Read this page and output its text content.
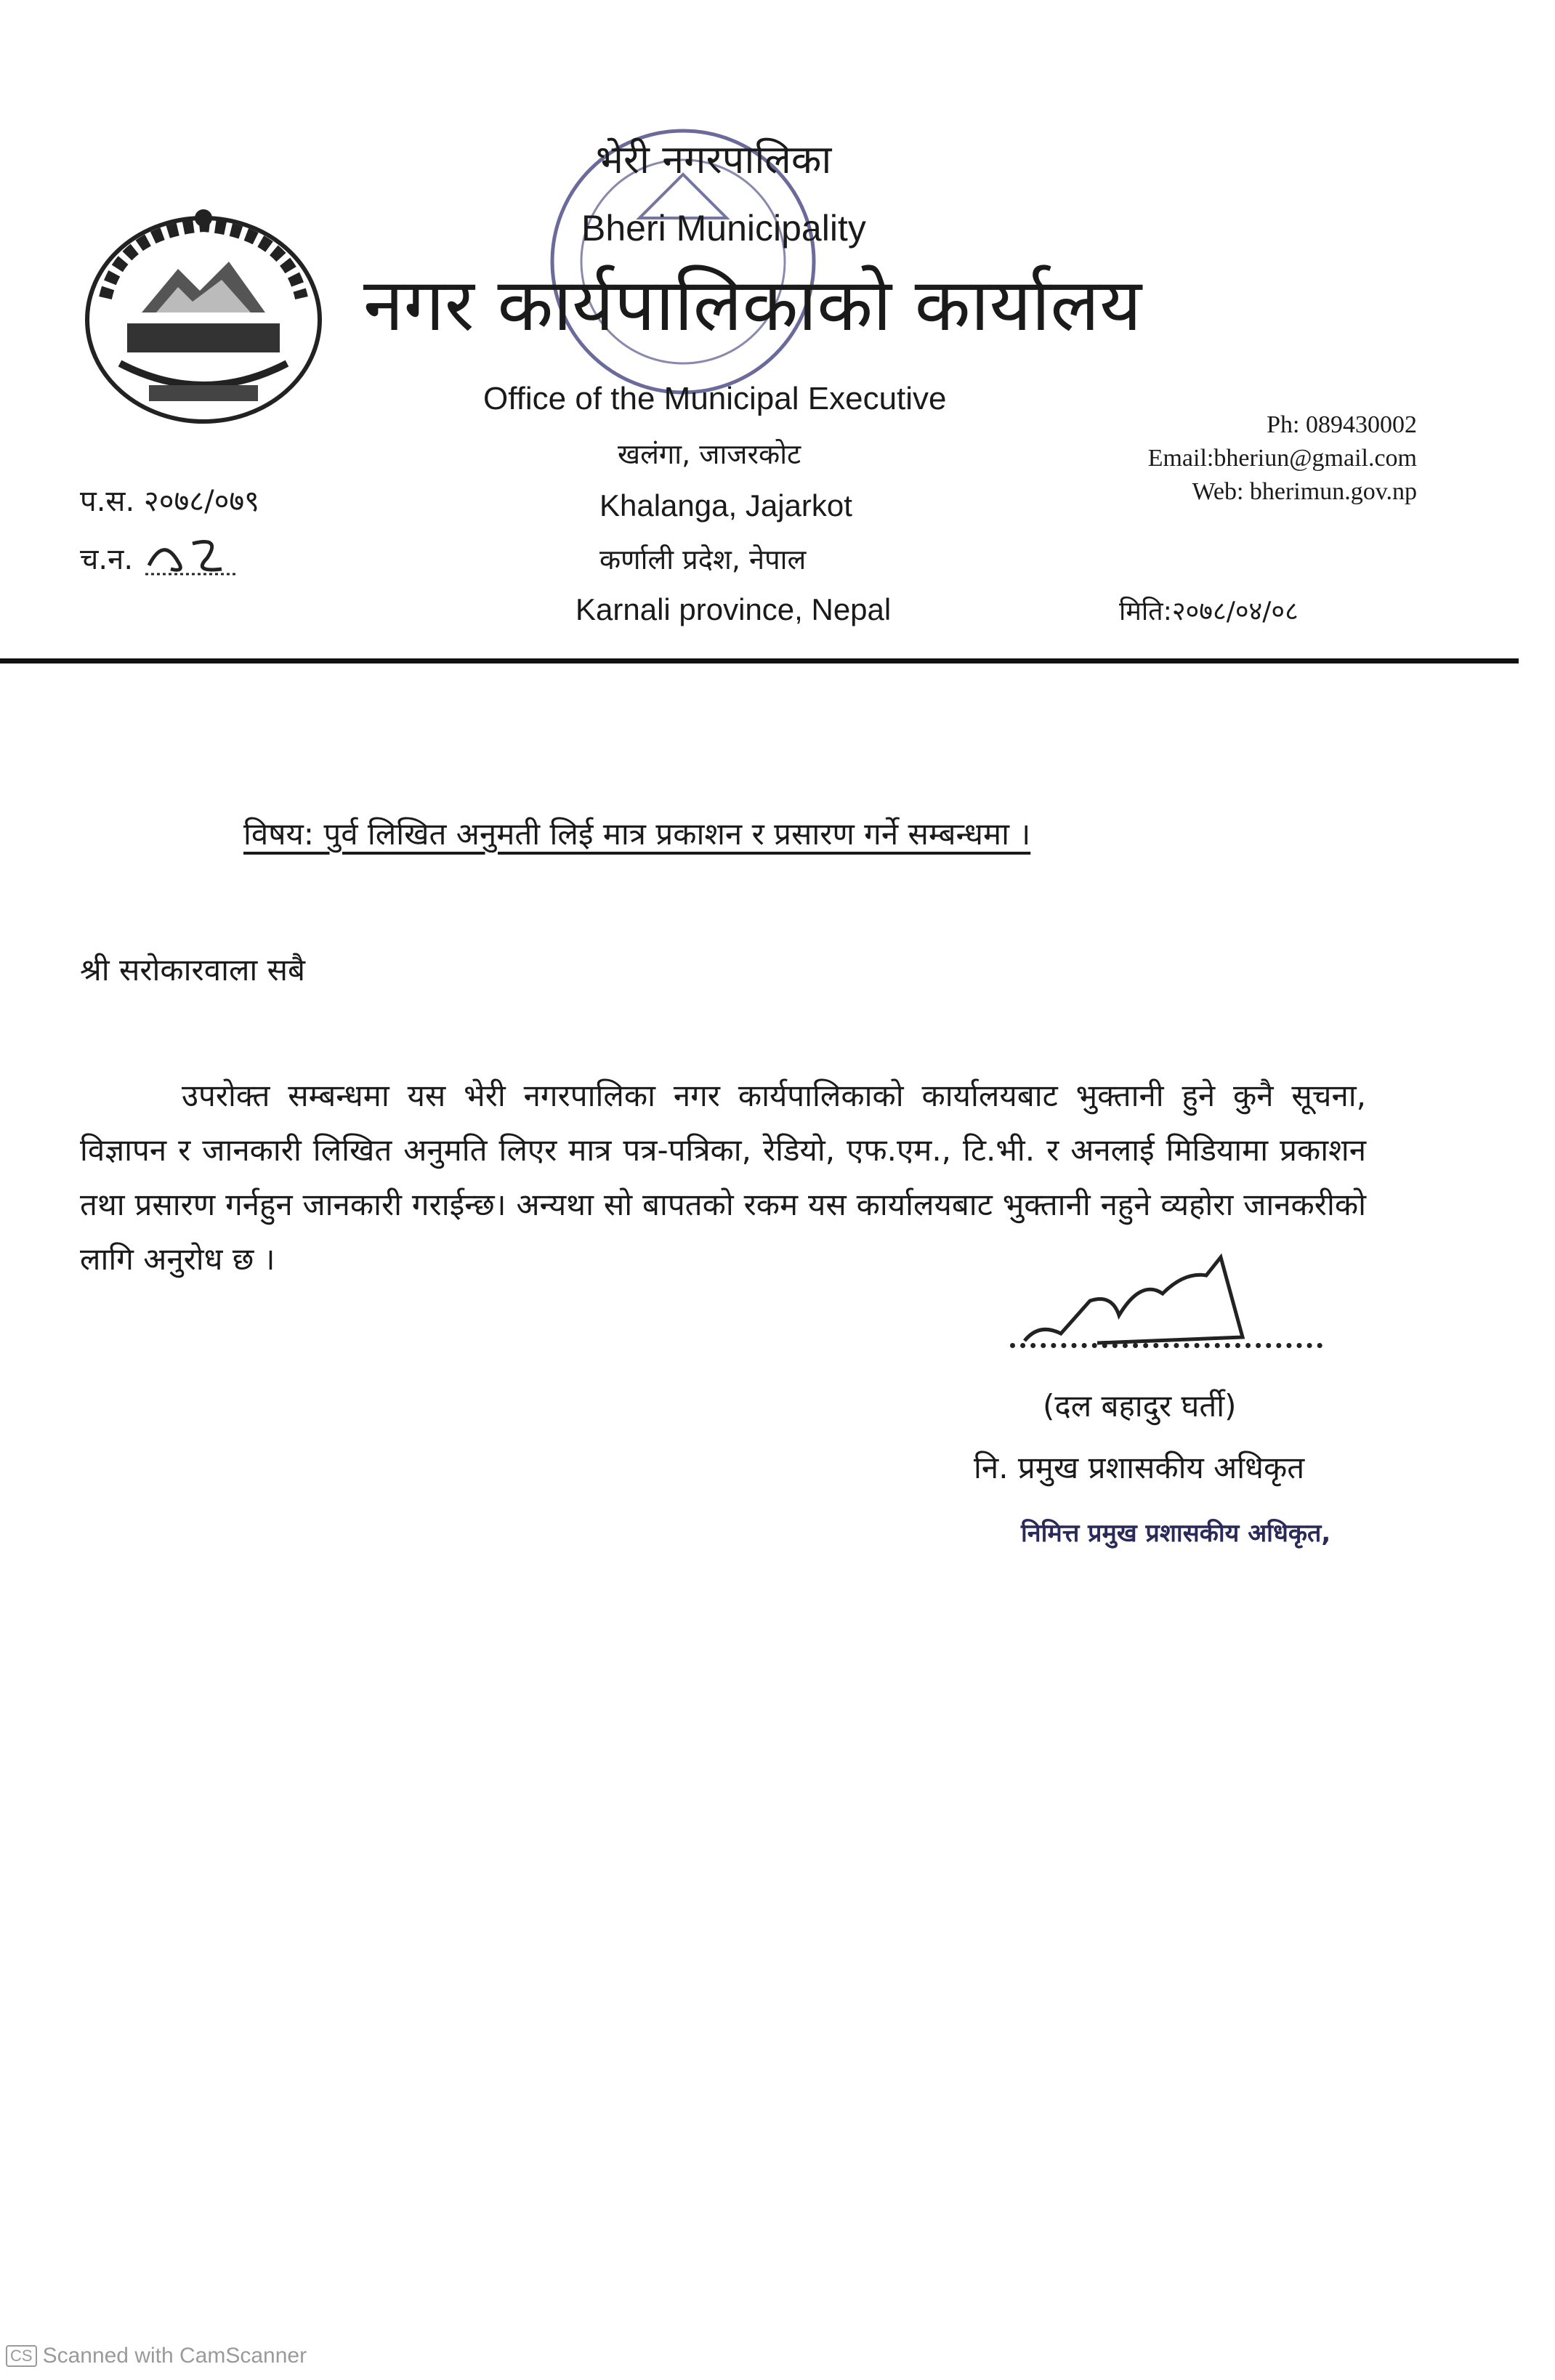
भेरी नगरपालिका
Bheri Municipality
नगर कार्यपालिकाको कार्यालय
Office of the Municipal Executive
खलंगा, जाजरकोट
Khalanga, Jajarkot
कर्णाली प्रदेश, नेपाल
Karnali province, Nepal
Ph: 089430002
Email:bheriun@gmail.com
Web: bherimun.gov.np
प.स. २०७८/०७९
च.न.
मिति:२०७८/०४/०८
विषय: पुर्व लिखित अनुमती लिई मात्र प्रकाशन र प्रसारण गर्ने सम्बन्धमा ।
श्री सरोकारवाला सबै
उपरोक्त सम्बन्धमा यस भेरी नगरपालिका नगर कार्यपालिकाको कार्यालयबाट भुक्तानी हुने कुनै सूचना, विज्ञापन र जानकारी लिखित अनुमति लिएर मात्र पत्र-पत्रिका, रेडियो, एफ.एम., टि.भी. र अनलाई मिडियामा प्रकाशन तथा प्रसारण गर्नहुन जानकारी गराईन्छ। अन्यथा सो बापतको रकम यस कार्यालयबाट भुक्तानी नहुने व्यहोरा जानकरीको लागि अनुरोध छ ।
(दल बहादुर घर्ती)
नि. प्रमुख प्रशासकीय अधिकृत
निमित्त प्रमुख प्रशासकीय अधिकृत,
CS Scanned with CamScanner
